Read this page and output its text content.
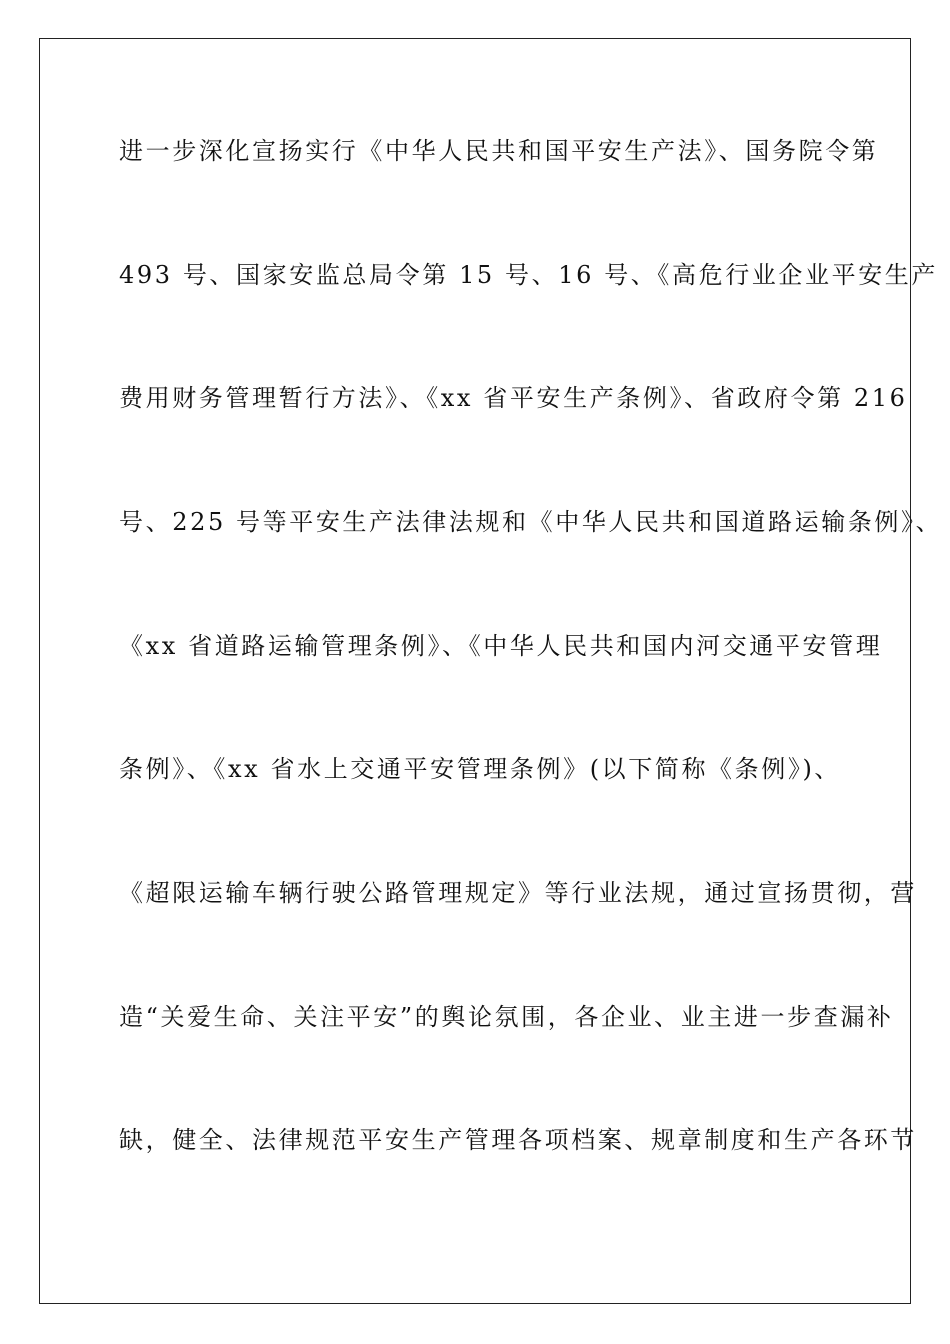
进一步深化宣扬实行《中华人民共和国平安生产法》、国务院令第
493 号、国家安监总局令第 15 号、16 号、《高危行业企业平安生产
费用财务管理暂行方法》、《xx 省平安生产条例》、省政府令第 216
号、225 号等平安生产法律法规和《中华人民共和国道路运输条例》、
《xx 省道路运输管理条例》、《中华人民共和国内河交通平安管理
条例》、《xx 省水上交通平安管理条例》(以下简称《条例》)、
《超限运输车辆行驶公路管理规定》等行业法规，通过宣扬贯彻，营
造“关爱生命、关注平安”的舆论氛围，各企业、业主进一步查漏补
缺，健全、法律规范平安生产管理各项档案、规章制度和生产各环节
